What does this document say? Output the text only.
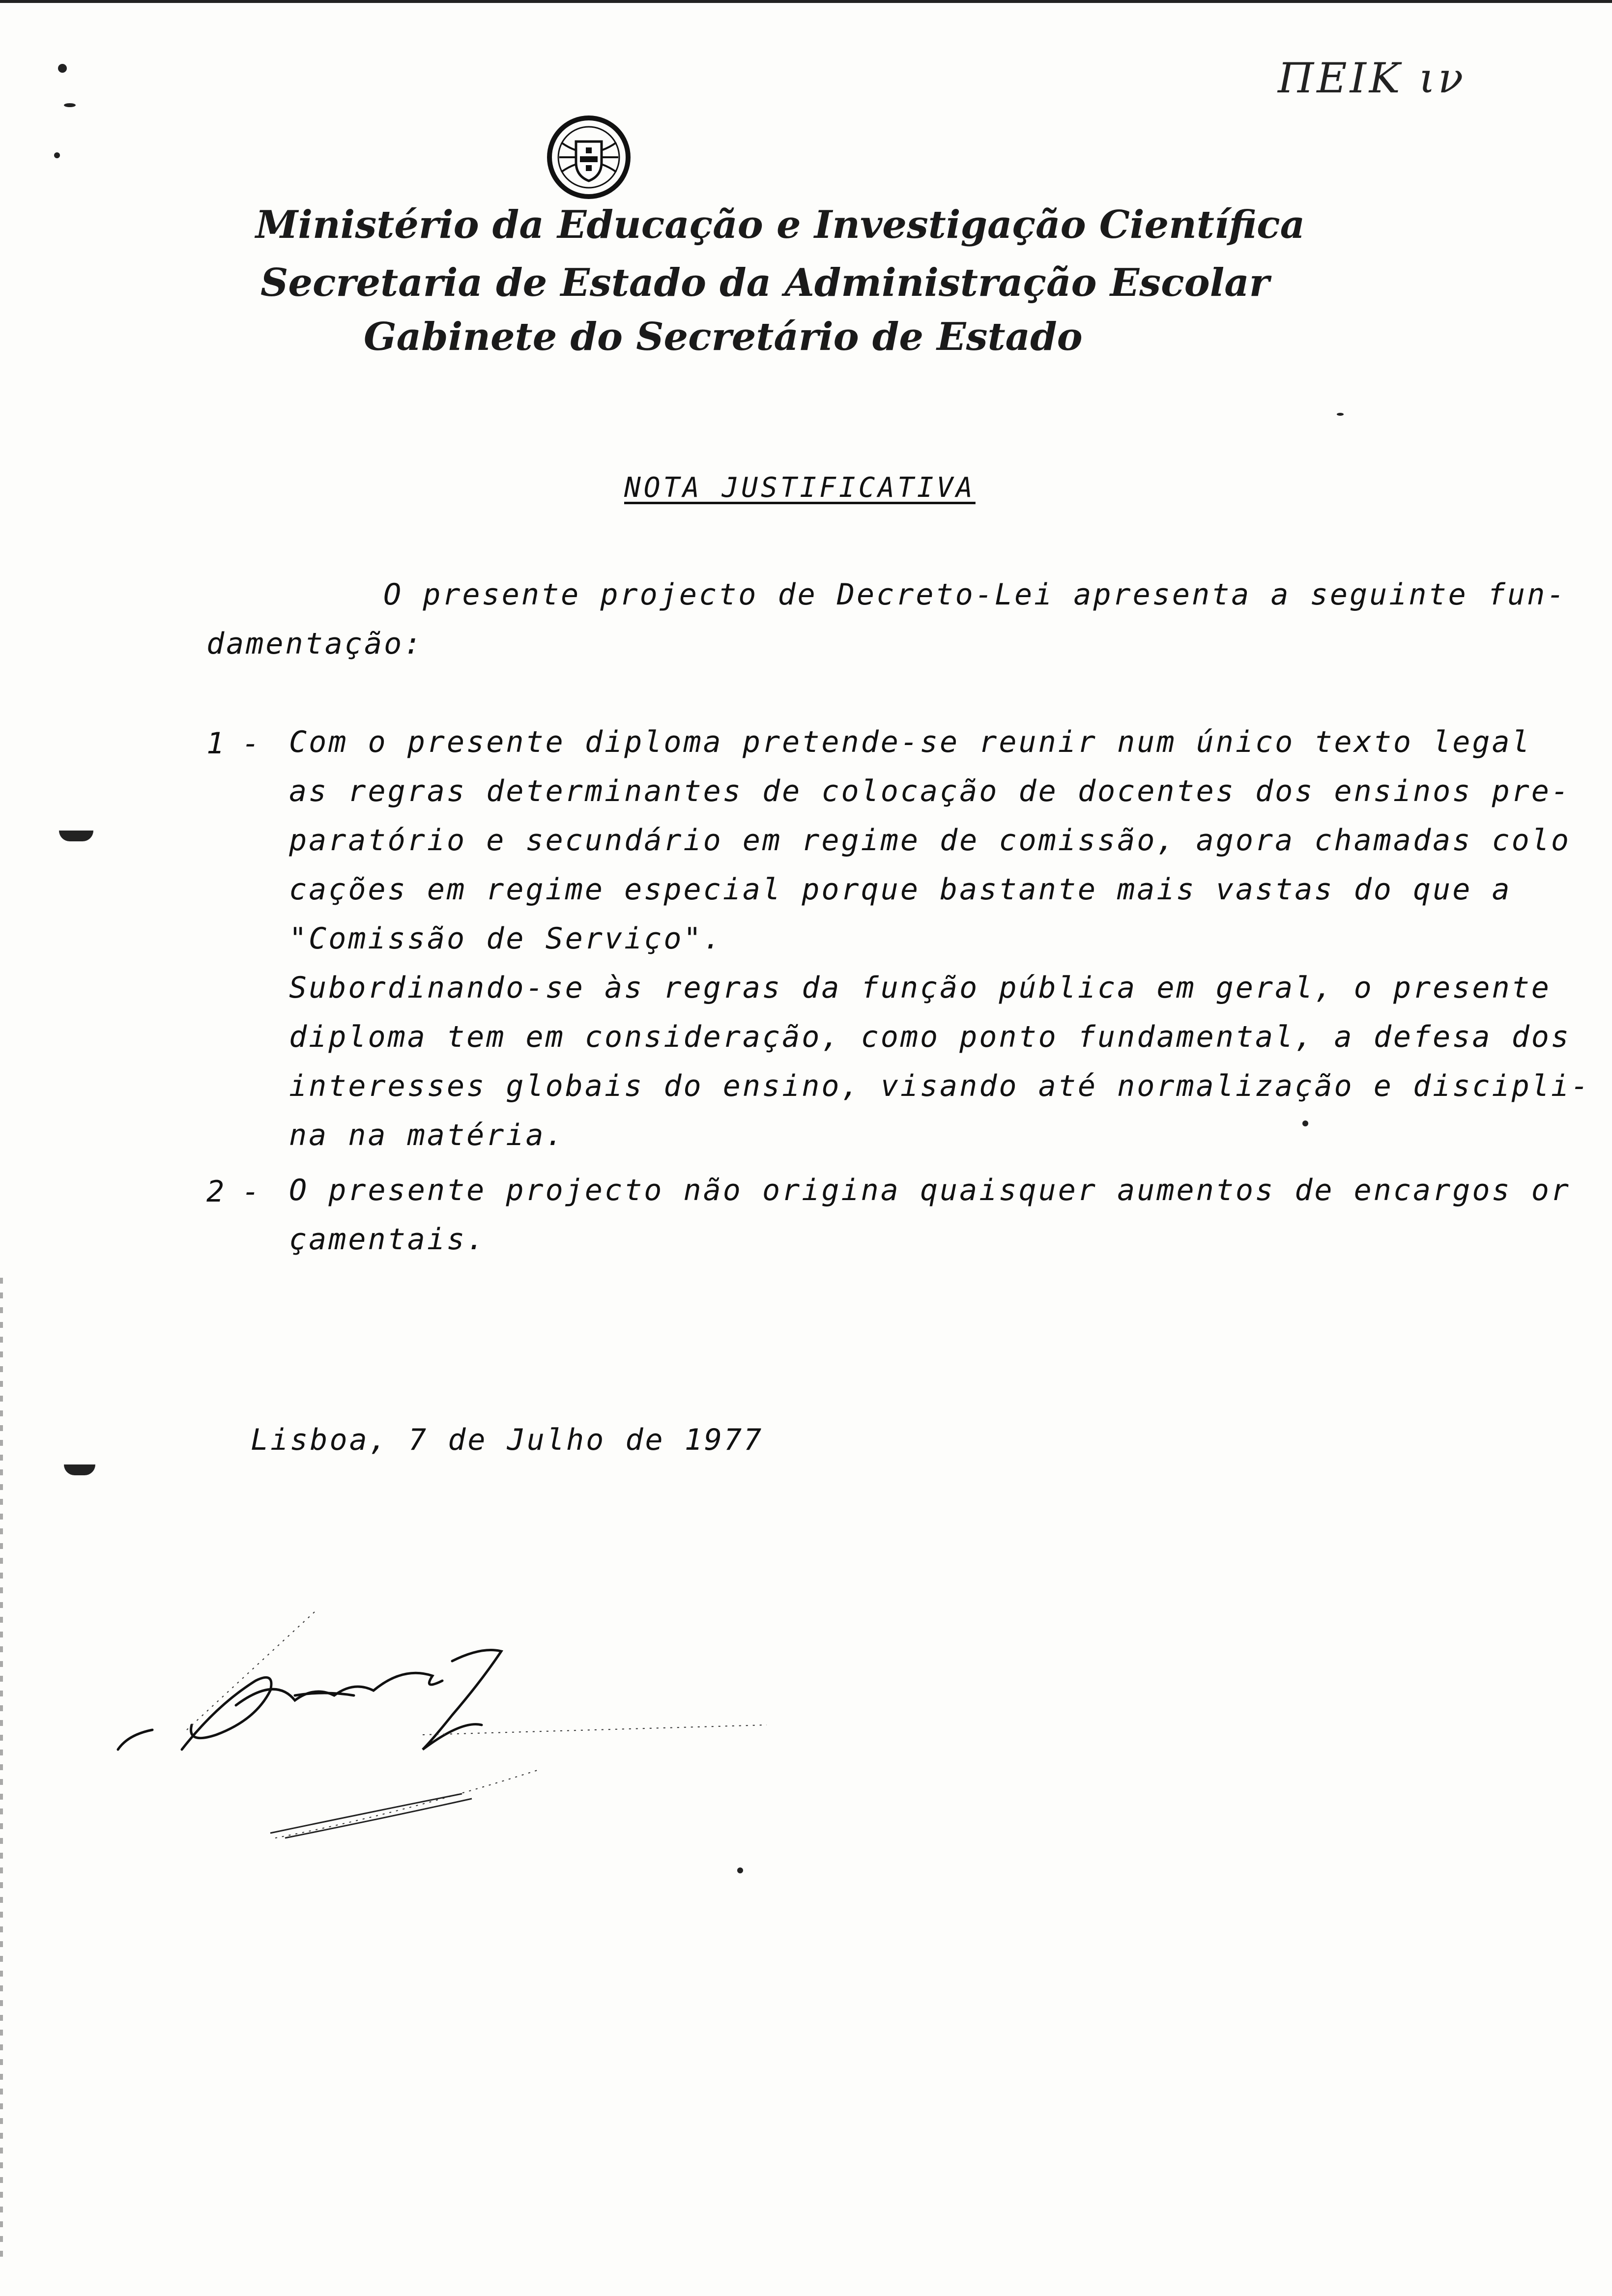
ΠΕΙΚ ιν
Ministério da Educação e Investigação Científica
Secretaria de Estado da Administração Escolar
Gabinete do Secretário de Estado
NOTA JUSTIFICATIVA
O presente projecto de Decreto-Lei apresenta a seguinte fun-
damentação:
1 - Com o presente diploma pretende-se reunir num único texto legal
as regras determinantes de colocação de docentes dos ensinos pre-
paratório e secundário em regime de comissão, agora chamadas colo
cações em regime especial porque bastante mais vastas do que a
"Comissão de Serviço".
Subordinando-se às regras da função pública em geral, o presente
diploma tem em consideração, como ponto fundamental, a defesa dos
interesses globais do ensino, visando até normalização e discipli-
na na matéria.
2 - O presente projecto não origina quaisquer aumentos de encargos or
çamentais.
Lisboa, 7 de Julho de 1977
